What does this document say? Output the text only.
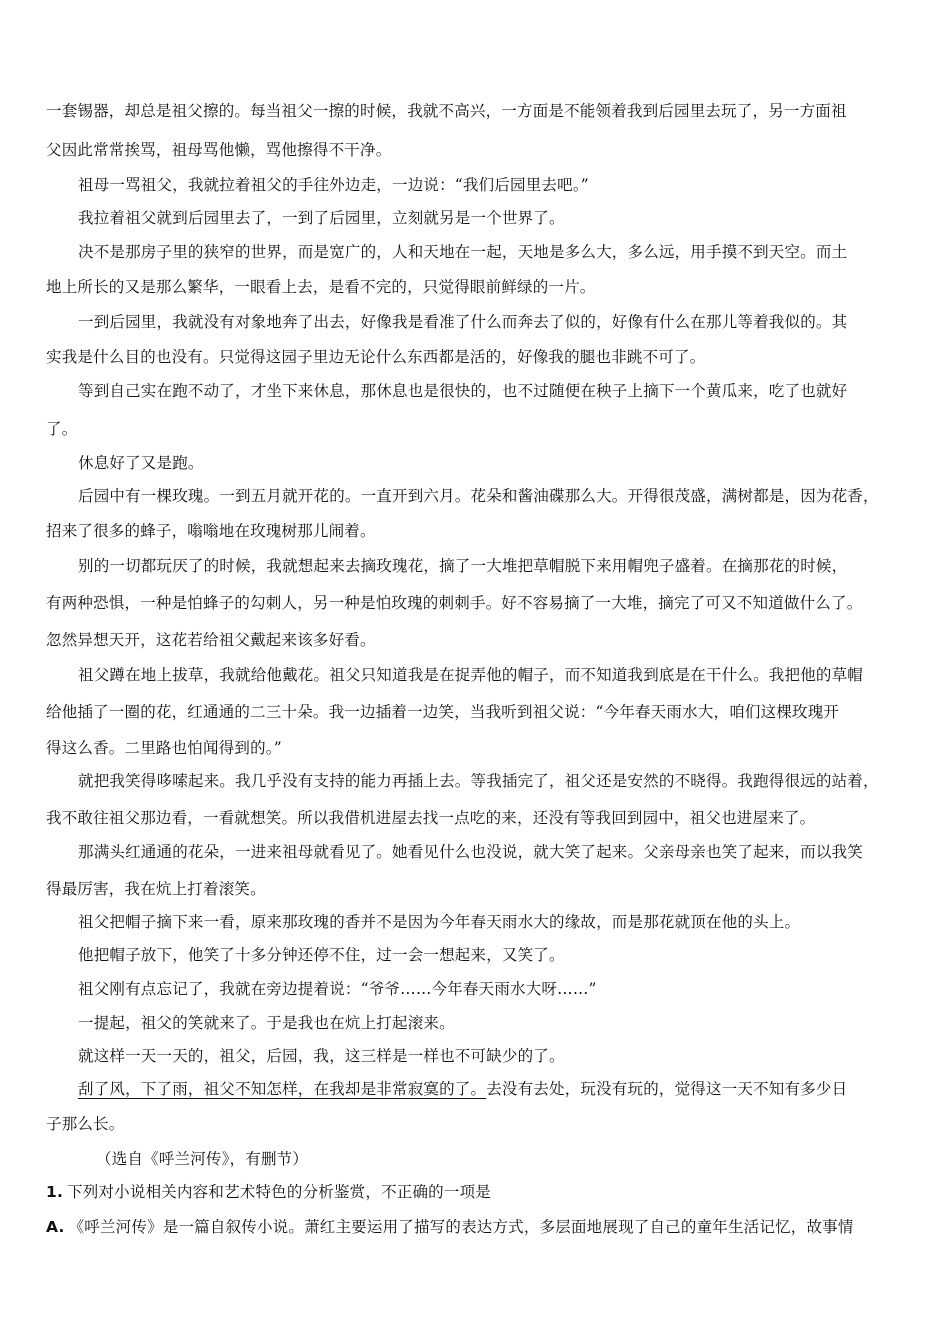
一套锡器，却总是祖父擦的。每当祖父一擦的时候，我就不高兴，一方面是不能领着我到后园里去玩了，另一方面祖
父因此常常挨骂，祖母骂他懒，骂他擦得不干净。
祖母一骂祖父，我就拉着祖父的手往外边走，一边说：“我们后园里去吧。”
我拉着祖父就到后园里去了，一到了后园里，立刻就另是一个世界了。
决不是那房子里的狭窄的世界，而是宽广的，人和天地在一起，天地是多么大，多么远，用手摸不到天空。而土
地上所长的又是那么繁华，一眼看上去，是看不完的，只觉得眼前鲜绿的一片。
一到后园里，我就没有对象地奔了出去，好像我是看准了什么而奔去了似的，好像有什么在那儿等着我似的。其
实我是什么目的也没有。只觉得这园子里边无论什么东西都是活的，好像我的腿也非跳不可了。
等到自己实在跑不动了，才坐下来休息，那休息也是很快的，也不过随便在秧子上摘下一个黄瓜来，吃了也就好
了。
休息好了又是跑。
后园中有一棵玫瑰。一到五月就开花的。一直开到六月。花朵和酱油碟那么大。开得很茂盛，满树都是，因为花香，
招来了很多的蜂子，嗡嗡地在玫瑰树那儿闹着。
别的一切都玩厌了的时候，我就想起来去摘玫瑰花，摘了一大堆把草帽脱下来用帽兜子盛着。在摘那花的时候，
有两种恐惧，一种是怕蜂子的勾刺人，另一种是怕玫瑰的刺刺手。好不容易摘了一大堆，摘完了可又不知道做什么了。
忽然异想天开，这花若给祖父戴起来该多好看。
祖父蹲在地上拔草，我就给他戴花。祖父只知道我是在捉弄他的帽子，而不知道我到底是在干什么。我把他的草帽
给他插了一圈的花，红通通的二三十朵。我一边插着一边笑，当我听到祖父说：“今年春天雨水大，咱们这棵玫瑰开
得这么香。二里路也怕闻得到的。”
就把我笑得哆嗦起来。我几乎没有支持的能力再插上去。等我插完了，祖父还是安然的不晓得。我跑得很远的站着，
我不敢往祖父那边看，一看就想笑。所以我借机进屋去找一点吃的来，还没有等我回到园中，祖父也进屋来了。
那满头红通通的花朵，一进来祖母就看见了。她看见什么也没说，就大笑了起来。父亲母亲也笑了起来，而以我笑
得最厉害，我在炕上打着滚笑。
祖父把帽子摘下来一看，原来那玫瑰的香并不是因为今年春天雨水大的缘故，而是那花就顶在他的头上。
他把帽子放下，他笑了十多分钟还停不住，过一会一想起来，又笑了。
祖父刚有点忘记了，我就在旁边提着说：“爷爷……今年春天雨水大呀……”
一提起，祖父的笑就来了。于是我也在炕上打起滚来。
就这样一天一天的，祖父，后园，我，这三样是一样也不可缺少的了。
刮了风，下了雨，祖父不知怎样，在我却是非常寂寞的了。去没有去处，玩没有玩的，觉得这一天不知有多少日
子那么长。
（选自《呼兰河传》，有删节）
1. 下列对小说相关内容和艺术特色的分析鉴赏，不正确的一项是
A. 《呼兰河传》是一篇自叙传小说。萧红主要运用了描写的表达方式，多层面地展现了自己的童年生活记忆，故事情
